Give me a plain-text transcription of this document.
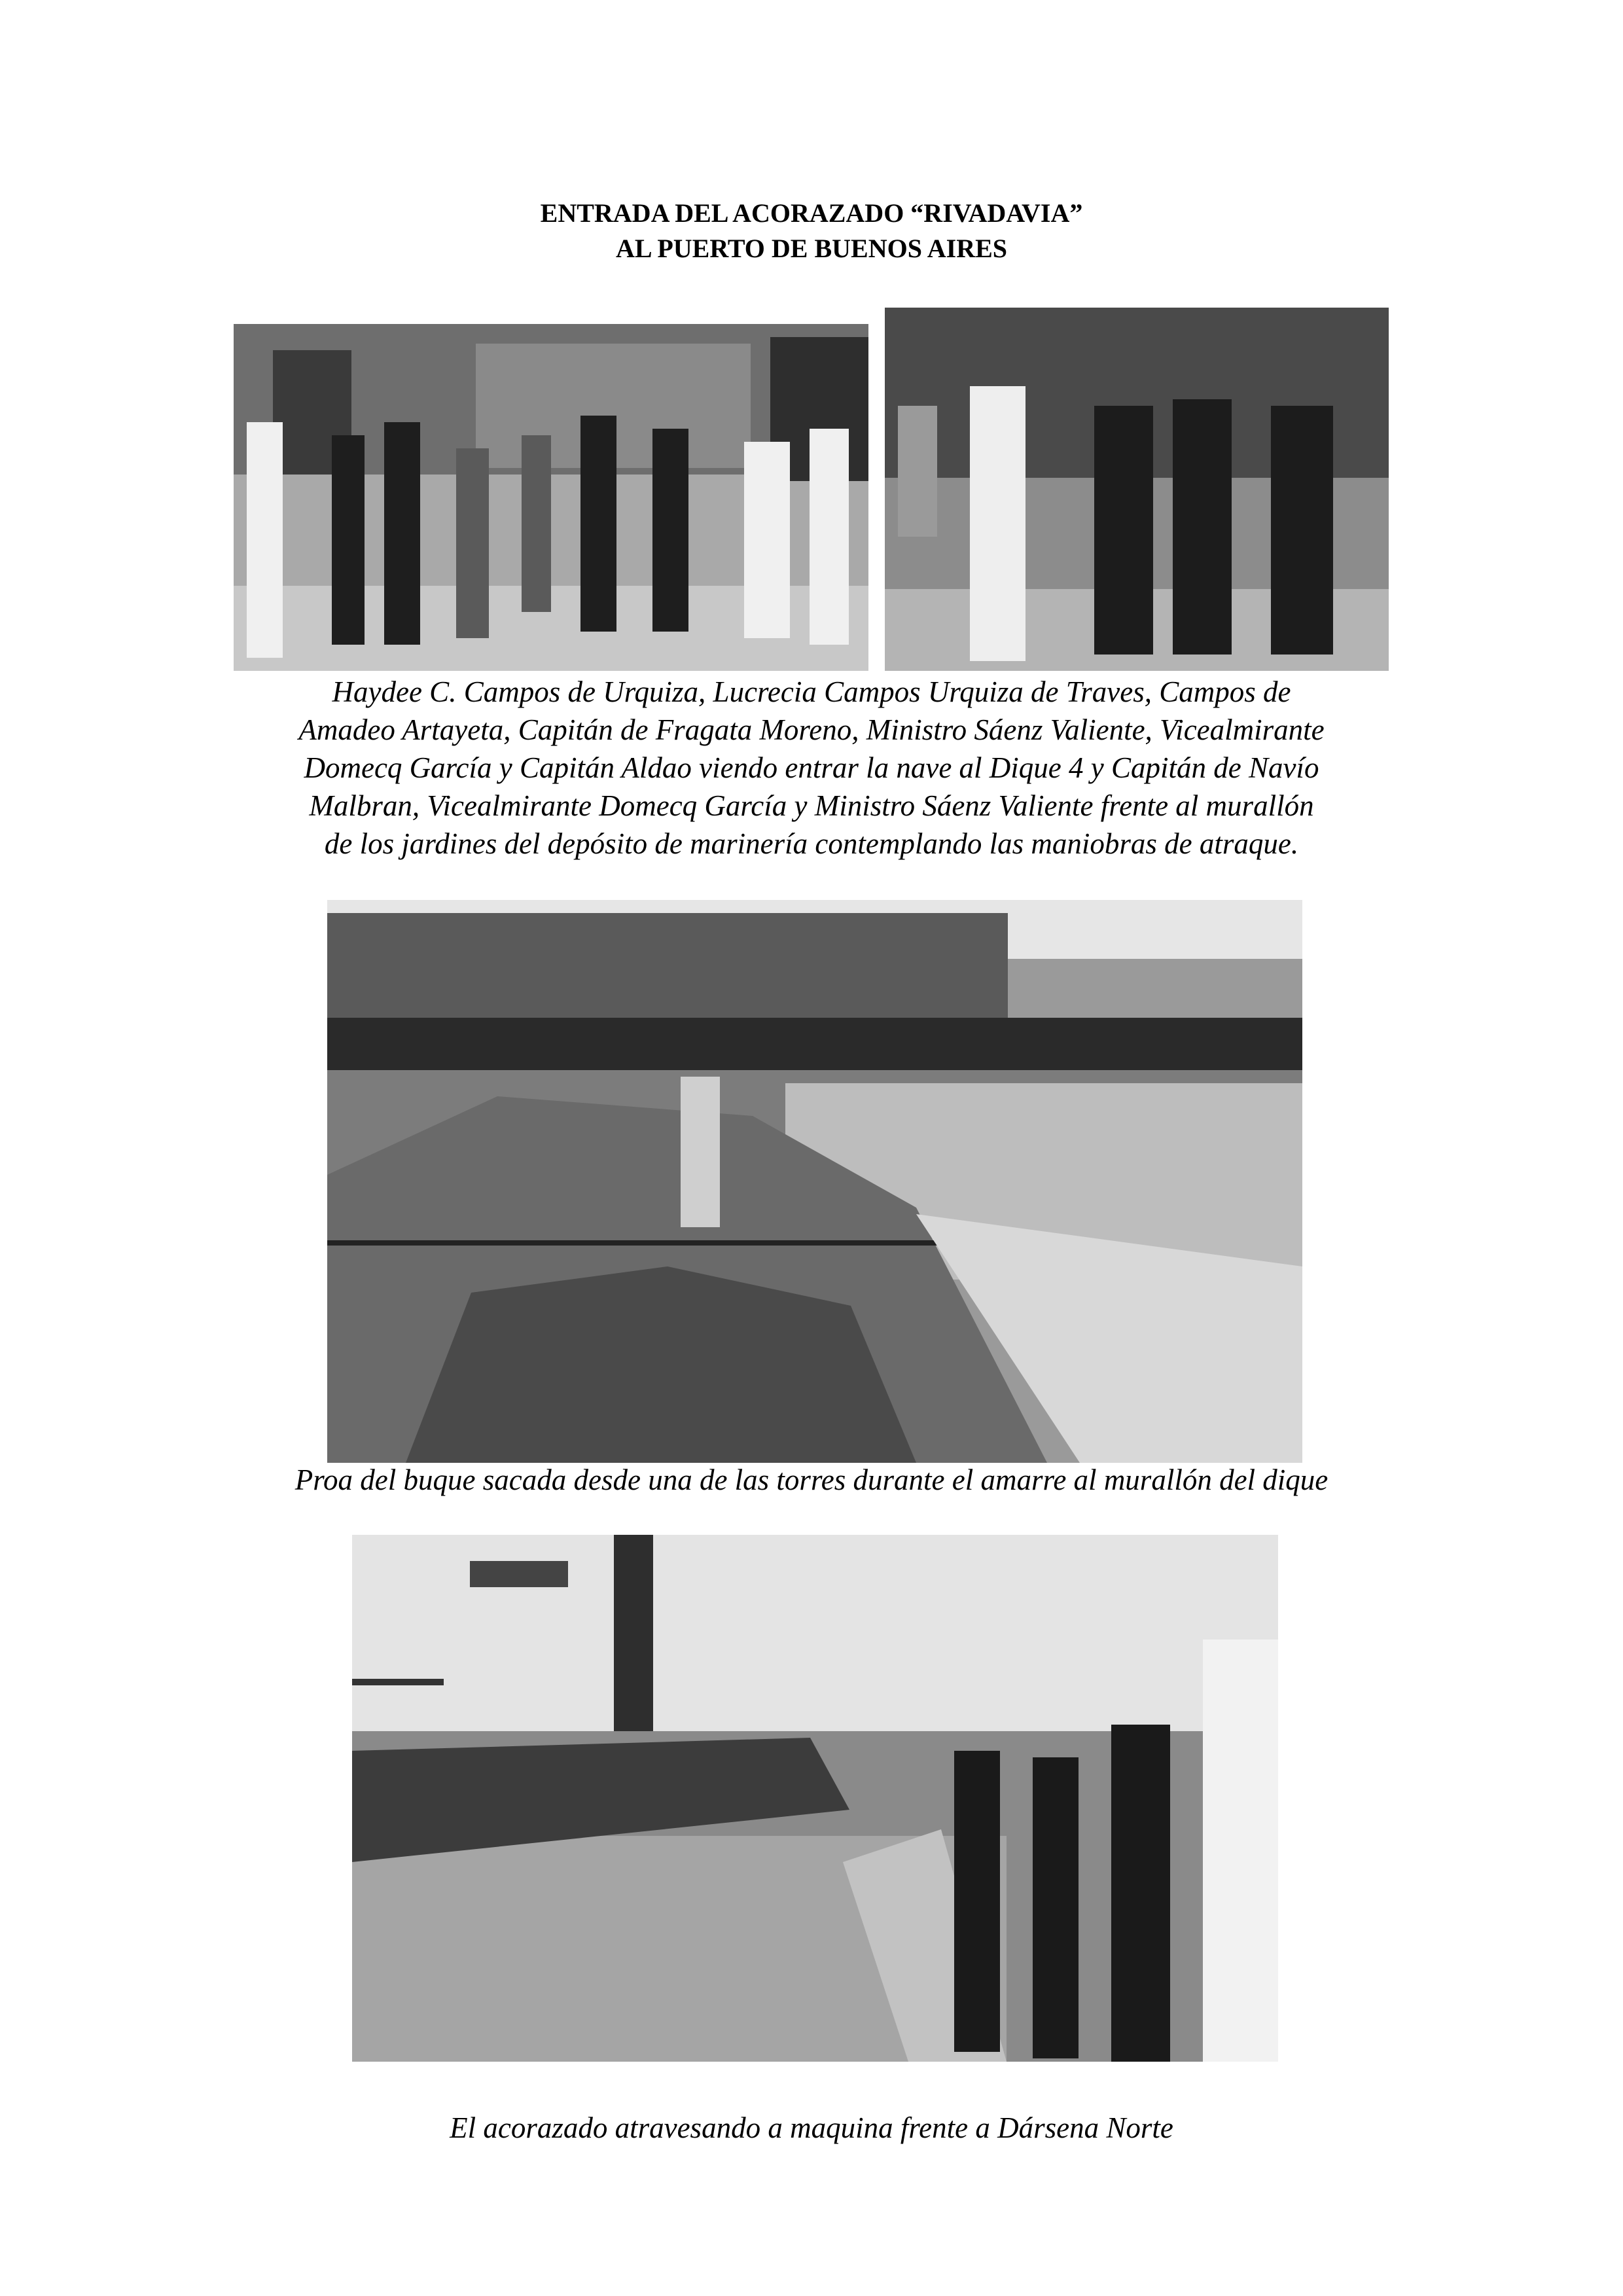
ENTRADA DEL ACORAZADO “RIVADAVIA”
AL PUERTO DE BUENOS AIRES
Haydee C. Campos de Urquiza, Lucrecia Campos Urquiza de Traves, Campos de
Amadeo Artayeta, Capitán de Fragata Moreno, Ministro Sáenz Valiente, Vicealmirante
Domecq García y Capitán Aldao viendo entrar la nave al Dique 4 y Capitán de Navío
Malbran, Vicealmirante Domecq García y Ministro Sáenz Valiente frente al murallón
de los jardines del depósito de marinería contemplando las maniobras de atraque.
Proa del buque sacada desde una de las torres durante el amarre al murallón del dique
El acorazado atravesando a maquina frente a Dársena Norte
